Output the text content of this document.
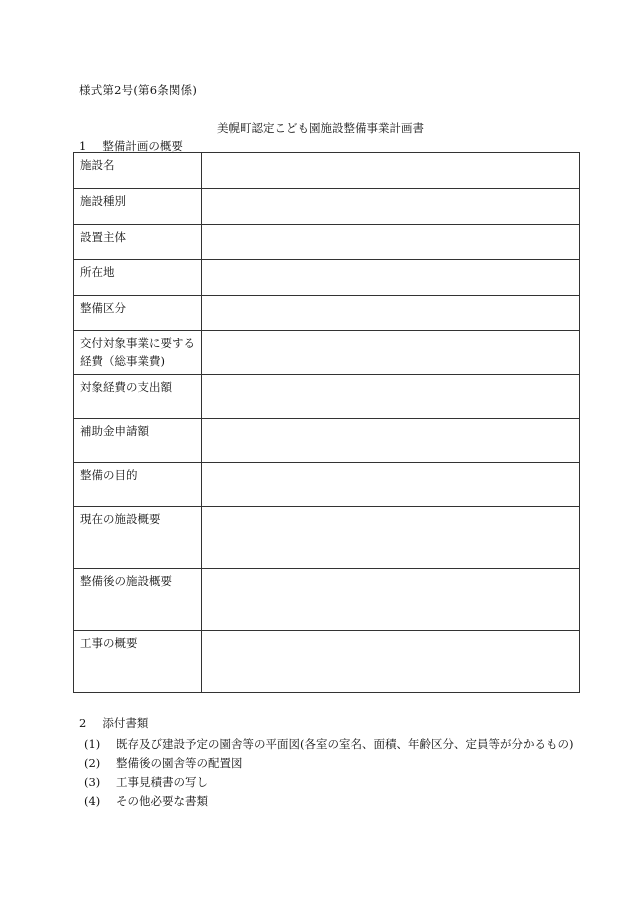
様式第2号(第6条関係)
美幌町認定こども園施設整備事業計画書
1 整備計画の概要
施設名	
施設種別	
設置主体	
所在地	
整備区分	
交付対象事業に要する経費（総事業費)	
対象経費の支出額	
補助金申請額	
整備の目的	
現在の施設概要	
整備後の施設概要	
工事の概要	
2 添付書類
(1)	既存及び建設予定の園舎等の平面図(各室の室名、面積、年齢区分、定員等が分かるもの)
(2)	整備後の園舎等の配置図
(3)	工事見積書の写し
(4)	その他必要な書類
